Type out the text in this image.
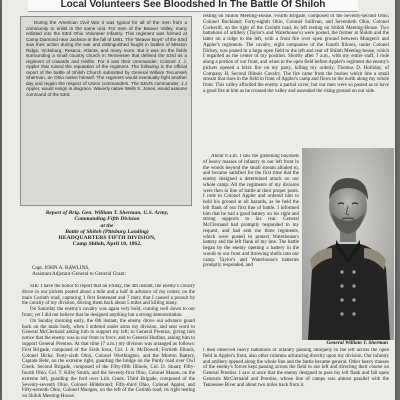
Local Volunteers See Bloodshed In The Battle Of Shiloh

During the American Civil War it was typical for all of the men from a community to enlist in the same unit. For men of the Beaver Valley, many enlisted into the 53rd Ohio Volunteer Infantry. This regiment was formed at Camp Diamond near Jackson in the fall of 1861. The "Beaver Boys" of the 53rd saw their action during the war and distinguished fought in battles of Mission Ridge, Vicksburg, Resaca, Atlanta, and many more. But it was on the fields surrounding a small country church in Tennessee that defined the 53rd as a regiment of cowards and misfits. For it was their commander, Colonel J. J. Appler that ruined the reputation of the regiment. The following is the official report of the battle of Shiloh Church submitted by General William Tecumseh Sherman, an Ohio native himself. The regiment would eventually fight another day and regain the respect of Union commanders. The 53rd's commander, J.J Appler, would resign in disgrace. Waverly native Wells S. Jones, would assume command of the 53rd.

Report of Brig. Gen. William T. Sherman, U.S. Army,
Commanding Fifth Division
at the
Battle of Shiloh (Pittsburg Landing)
HEADQUARTERS FIFTH DIVISION,
Camp Shiloh, April 10, 1862.
Capt. JOHN A. RAWLINS,
Assistant Adjutant-General to General Grant:

SIR: I have the honor to report that on Friday, the 4th instant, the enemy's cavalry drove in our pickets posted about a mile and a half in advance of my center, on the main Corinth road, capturing 1 first lieutenant and 7 men; that I caused a pursuit by the cavalry of my division, driving them back about 5 miles and killing many.

On Saturday the enemy's cavalry was again very bold, coming well down to our front; yet I did not believe that he designed anything but a strong demonstration.

On Sunday morning early, the 6th instant, the enemy drove our advance guard back on the main body, when I ordered under arms my division, and sent word to General McClernand asking him to support my left; to General Prentiss, giving him notice that the enemy was in our front in force, and to General Hurlbut, asking him to support General Prentiss. At that time (7 a.m.) my division was arranged as follows: First Brigade, composed of the Sixth Iowa, Col. J. A. McDowell; Fortieth Illinois, Colonel Hicks; Forty-sixth Ohio, Colonel Worthington, and the Morton Battery, Captain Behr, on the extreme right, guarding the bridge on the Purdy road over Owl Creek. Second Brigade, composed of the Fifty-fifth Illinois, Col. D. Stuart; Fifty-fourth Ohio, Col. T. Kilby Smith, and the Seventy-first Ohio, Colonel Mason, on the extreme left, guarding the ford over Lick Creek. Third Brigade, composed of the Seventy-seventh Ohio, Colonel Hildebrand; Fifty-third Ohio, Colonel Appler, and Fifty-seventh Ohio, Colonel Mungen, on the left of the Corinth road, its right resting on Shiloh Meeting-House.

resting on Shiloh Meeting-House. Fourth Brigade, composed of the Seventy-second Ohio, Colonel Buckland; Forty-eighth Ohio, Colonel Sullivan, and Seventieth Ohio, Colonel Cockerill, on the right of the Corinth road, its left resting on Shiloh Meeting-House. Two battalions of artillery (Taylor's and Waterhouse's) were posted, the former at Shiloh and the latter on a ridge to the left, with a front fire over open ground between Mungen's and Appler's regiments. The cavalry, eight companies of the Fourth Illinois, under Colonel Dickey, was posted in a large open field to the left and rear of Shiloh Meeting-house, which I regarded as the center of my position. Shortly after 7 a.m., with my entire staff, I rode along a portion of our front, and when in the open field before Appler's regiment the enemy's pickets opened a brisk fire on my party, killing my orderly, Thomas D. Holliday, of Company H, Second Illinois Cavalry. The fire came from the bushes which line a small stream that rises in the field in front of Appler's camp and flows to the north along my whole front. This valley afforded the enemy a partial cover, but our men were so posted as to have a good fire at him as he crossed the valley and ascended the rising ground on our side.

About 8 a.m. I saw the glistening bayonets of heavy masses of infantry to our left front in the woods beyond the small stream alluded to, and became satisfied for the first time that the enemy designed a determined attack on our whole camp. All the regiments of my division were then in line of battle at their proper posts. I rode to Colonel Appler and ordered him to hold his ground at all hazards, as he held the left flank of our first line of battle. I informed him that he had a good battery on his right and strong supports to his rear. General McClernand had promptly responded to my request, and had sent me three regiments, which were posted to protect Waterhouse's battery and the left flank of my line. The battle began by the enemy opening a battery in the woods to our front and throwing shells into our camp. Taylor's and Waterhouse's batteries promptly responded, and

General William T. Sherman

I then observed heavy battalions of infantry passing obliquely to the left across the open field in Appler's front, also other columns advancing directly upon my division. Our infantry and artillery opened along the whole line and the battle became general. Other heavy masses of the enemy's forces kept passing across the field to our left and directing their course on General Prentiss. I saw at once that the enemy designed to pass my left flank and fall upon Generals McClernand and Prentiss, whose line of camps was almost parallel with the Tennessee River and about two miles back from it.
